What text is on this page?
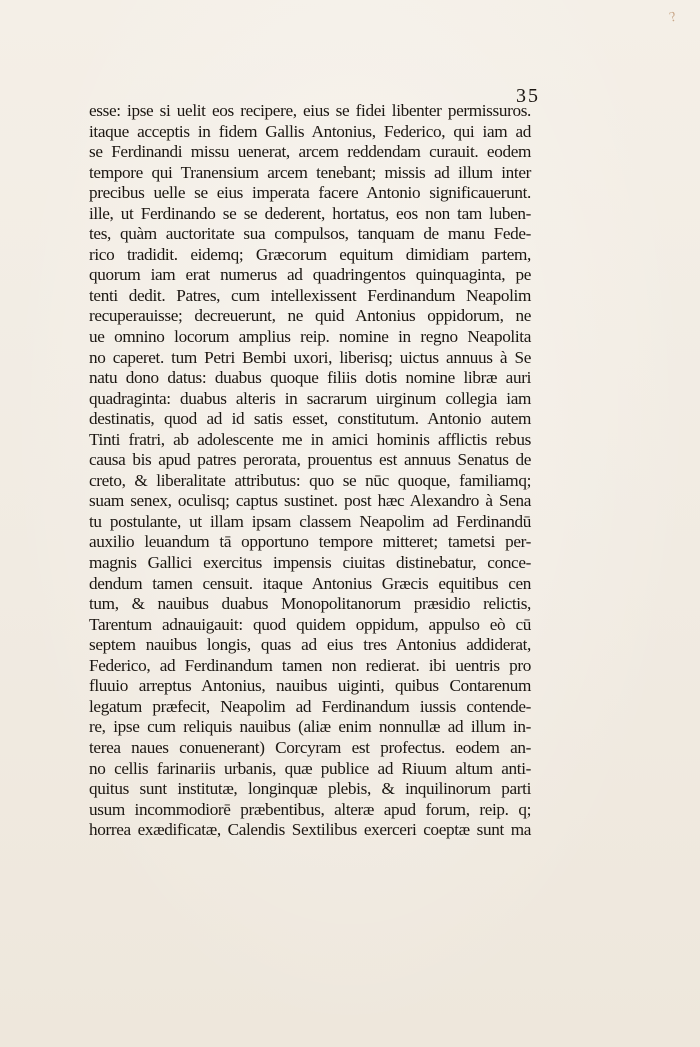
?
35
esse: ipse si uelit eos recipere, eius se fidei libenter permissuros.
itaque acceptis in fidem Gallis Antonius, Federico, qui iam ad
se Ferdinandi missu uenerat, arcem reddendam curauit. eodem
tempore qui Tranensium arcem tenebant; missis ad illum inter
precibus uelle se eius imperata facere Antonio significauerunt.
ille, ut Ferdinando se se dederent, hortatus, eos non tam luben-
tes, quàm auctoritate sua compulsos, tanquam de manu Fede-
rico tradidit. eidemq; Græcorum equitum dimidiam partem,
quorum iam erat numerus ad quadringentos quinquaginta, pe
tenti dedit. Patres, cum intellexissent Ferdinandum Neapolim
recuperauisse; decreuerunt, ne quid Antonius oppidorum, ne
ue omnino locorum amplius reip. nomine in regno Neapolita
no caperet. tum Petri Bembi uxori, liberisq; uictus annuus à Se
natu dono datus: duabus quoque filiis dotis nomine libræ auri
quadraginta: duabus alteris in sacrarum uirginum collegia iam
destinatis, quod ad id satis esset, constitutum. Antonio autem
Tinti fratri, ab adolescente me in amici hominis afflictis rebus
causa bis apud patres perorata, prouentus est annuus Senatus de
creto, & liberalitate attributus: quo se nūc quoque, familiamq;
suam senex, oculisq; captus sustinet. post hæc Alexandro à Sena
tu postulante, ut illam ipsam classem Neapolim ad Ferdinandū
auxilio leuandum tā opportuno tempore mitteret; tametsi per-
magnis Gallici exercitus impensis ciuitas distinebatur, conce-
dendum tamen censuit. itaque Antonius Græcis equitibus cen
tum, & nauibus duabus Monopolitanorum præsidio relictis,
Tarentum adnauigauit: quod quidem oppidum, appulso eò cū
septem nauibus longis, quas ad eius tres Antonius addiderat,
Federico, ad Ferdinandum tamen non redierat. ibi uentris pro
fluuio arreptus Antonius, nauibus uiginti, quibus Contarenum
legatum præfecit, Neapolim ad Ferdinandum iussis contende-
re, ipse cum reliquis nauibus (aliæ enim nonnullæ ad illum in-
terea naues conuenerant) Corcyram est profectus. eodem an-
no cellis farinariis urbanis, quæ publice ad Riuum altum anti-
quitus sunt institutæ, longinquæ plebis, & inquilinorum parti
usum incommodiorē præbentibus, alteræ apud forum, reip. q;
horrea exædificatæ, Calendis Sextilibus exerceri coeptæ sunt ma
